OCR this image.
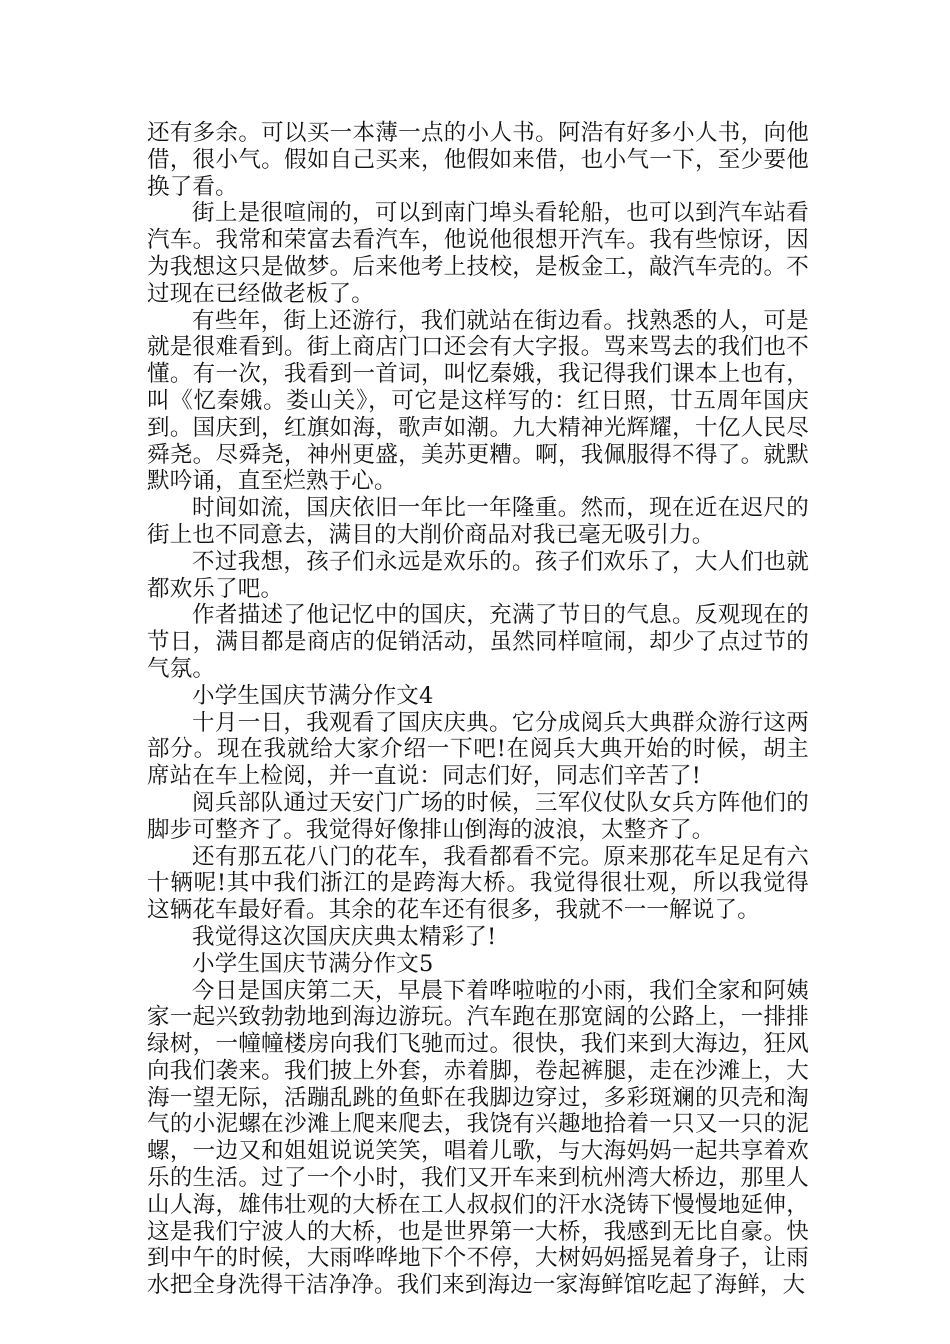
还有多余。可以买一本薄一点的小人书。阿浩有好多小人书，向他借，很小气。假如自己买来，他假如来借，也小气一下，至少要他换了看。

街上是很喧闹的，可以到南门埠头看轮船，也可以到汽车站看汽车。我常和荣富去看汽车，他说他很想开汽车。我有些惊讶，因为我想这只是做梦。后来他考上技校，是板金工，敲汽车壳的。不过现在已经做老板了。

有些年，街上还游行，我们就站在街边看。找熟悉的人，可是就是很难看到。街上商店门口还会有大字报。骂来骂去的我们也不懂。有一次，我看到一首词，叫忆秦娥，我记得我们课本上也有，叫《忆秦娥。娄山关》，可它是这样写的：红日照，廿五周年国庆到。国庆到，红旗如海，歌声如潮。九大精神光辉耀，十亿人民尽舜尧。尽舜尧，神州更盛，美苏更糟。啊，我佩服得不得了。就默默吟诵，直至烂熟于心。

时间如流，国庆依旧一年比一年隆重。然而，现在近在迟尺的街上也不同意去，满目的大削价商品对我已毫无吸引力。

不过我想，孩子们永远是欢乐的。孩子们欢乐了，大人们也就都欢乐了吧。

作者描述了他记忆中的国庆，充满了节日的气息。反观现在的节日，满目都是商店的促销活动，虽然同样喧闹，却少了点过节的气氛。

小学生国庆节满分作文4

十月一日，我观看了国庆庆典。它分成阅兵大典群众游行这两部分。现在我就给大家介绍一下吧!在阅兵大典开始的时候，胡主席站在车上检阅，并一直说：同志们好，同志们辛苦了!

阅兵部队通过天安门广场的时候，三军仪仗队女兵方阵他们的脚步可整齐了。我觉得好像排山倒海的波浪，太整齐了。

还有那五花八门的花车，我看都看不完。原来那花车足足有六十辆呢!其中我们浙江的是跨海大桥。我觉得很壮观，所以我觉得这辆花车最好看。其余的花车还有很多，我就不一一解说了。

我觉得这次国庆庆典太精彩了!

小学生国庆节满分作文5

今日是国庆第二天，早晨下着哗啦啦的小雨，我们全家和阿姨家一起兴致勃勃地到海边游玩。汽车跑在那宽阔的公路上，一排排绿树，一幢幢楼房向我们飞驰而过。很快，我们来到大海边，狂风向我们袭来。我们披上外套，赤着脚，卷起裤腿，走在沙滩上，大海一望无际，活蹦乱跳的鱼虾在我脚边穿过，多彩斑斓的贝壳和淘气的小泥螺在沙滩上爬来爬去，我饶有兴趣地拾着一只又一只的泥螺，一边又和姐姐说说笑笑，唱着儿歌，与大海妈妈一起共享着欢乐的生活。过了一个小时，我们又开车来到杭州湾大桥边，那里人山人海，雄伟壮观的大桥在工人叔叔们的汗水浇铸下慢慢地延伸，这是我们宁波人的大桥，也是世界第一大桥，我感到无比自豪。快到中午的时候，大雨哗哗地下个不停，大树妈妈摇晃着身子，让雨水把全身洗得干洁净净。我们来到海边一家海鲜馆吃起了海鲜，大
